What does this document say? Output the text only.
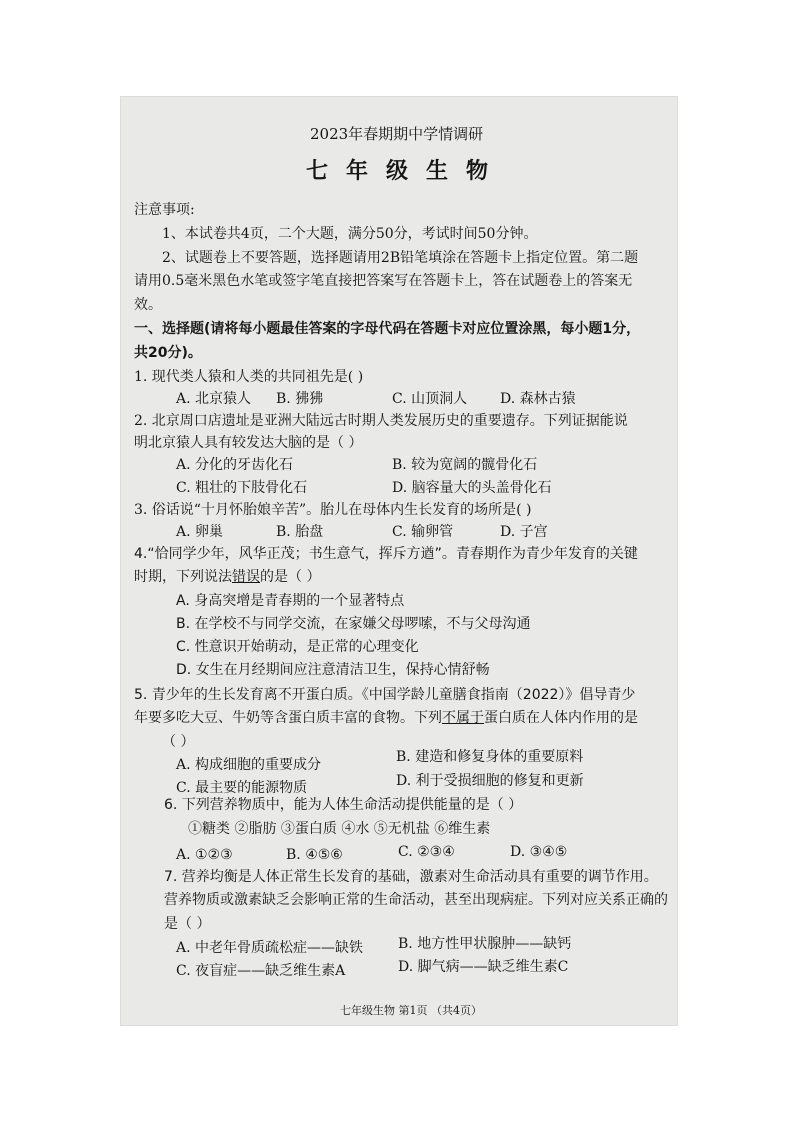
2023年春期期中学情调研
七年级生物
注意事项:
1、本试卷共4页，二个大题，满分50分，考试时间50分钟。
2、试题卷上不要答题，选择题请用2B铅笔填涂在答题卡上指定位置。第二题
请用0.5毫米黑色水笔或签字笔直接把答案写在答题卡上，答在试题卷上的答案无
效。
一、选择题(请将每小题最佳答案的字母代码在答题卡对应位置涂黑，每小题1分，
共20分)。
1. 现代类人猿和人类的共同祖先是( )
A. 北京猿人 B. 狒狒	C. 山顶洞人 D. 森林古猿
2. 北京周口店遗址是亚洲大陆远古时期人类发展历史的重要遗存。下列证据能说
明北京猿人具有较发达大脑的是（ ）
A. 分化的牙齿化石	B. 较为宽阔的髋骨化石
C. 粗壮的下肢骨化石	D. 脑容量大的头盖骨化石
3. 俗话说“十月怀胎娘辛苦”。胎儿在母体内生长发育的场所是( )
A. 卵巢	B. 胎盘	C. 输卵管	D. 子宫
4.“恰同学少年，风华正茂；书生意气，挥斥方遒”。青春期作为青少年发育的关键
时期，下列说法错误的是（ ）
A. 身高突增是青春期的一个显著特点
B. 在学校不与同学交流，在家嫌父母啰嗦，不与父母沟通
C. 性意识开始萌动，是正常的心理变化
D. 女生在月经期间应注意清洁卫生，保持心情舒畅
5. 青少年的生长发育离不开蛋白质。《中国学龄儿童膳食指南（2022）》倡导青少
年要多吃大豆、牛奶等含蛋白质丰富的食物。下列不属于蛋白质在人体内作用的是
（ ）
A. 构成细胞的重要成分	B. 建造和修复身体的重要原料
C. 最主要的能源物质	D. 利于受损细胞的修复和更新
6. 下列营养物质中，能为人体生命活动提供能量的是（ ）
①糖类 ②脂肪 ③蛋白质 ④水 ⑤无机盐 ⑥维生素
A. ①②③	B. ④⑤⑥	C. ②③④	D. ③④⑤
7. 营养均衡是人体正常生长发育的基础，激素对生命活动具有重要的调节作用。
营养物质或激素缺乏会影响正常的生命活动，甚至出现病症。下列对应关系正确的
是（ ）
A. 中老年骨质疏松症——缺铁 B. 地方性甲状腺肿——缺钙
C. 夜盲症——缺乏维生素A	D. 脚气病——缺乏维生素C
七年级生物 第1页 （共4页）
